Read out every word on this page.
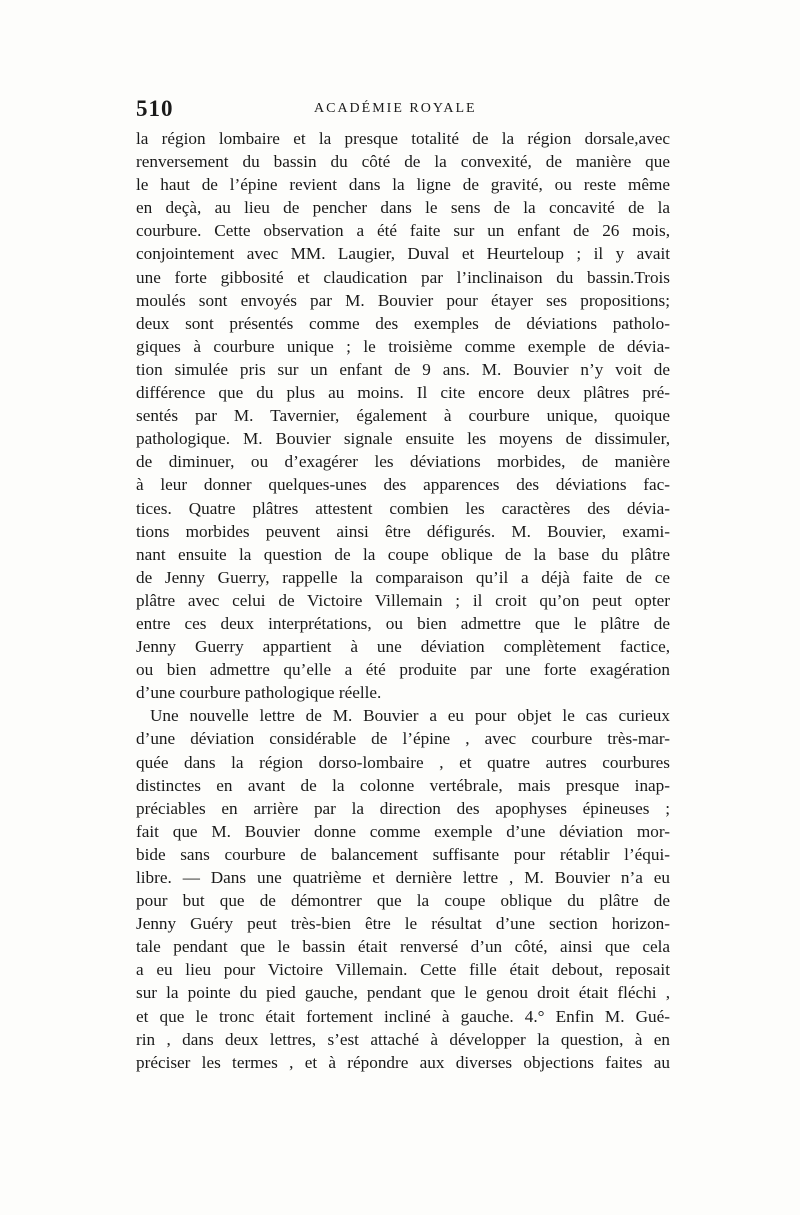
510	ACADÉMIE ROYALE
la région lombaire et la presque totalité de la région dorsale,avec
renversement du bassin du côté de la convexité, de manière que
le haut de l’épine revient dans la ligne de gravité, ou reste même
en deçà, au lieu de pencher dans le sens de la concavité de la
courbure. Cette observation a été faite sur un enfant de 26 mois,
conjointement avec MM. Laugier, Duval et Heurteloup ; il y avait
une forte gibbosité et claudication par l’inclinaison du bassin.Trois
moulés sont envoyés par M. Bouvier pour étayer ses propositions;
deux sont présentés comme des exemples de déviations patholo-
giques à courbure unique ; le troisième comme exemple de dévia-
tion simulée pris sur un enfant de 9 ans. M. Bouvier n’y voit de
différence que du plus au moins. Il cite encore deux plâtres pré-
sentés par M. Tavernier, également à courbure unique, quoique
pathologique. M. Bouvier signale ensuite les moyens de dissimuler,
de diminuer, ou d’exagérer les déviations morbides, de manière
à leur donner quelques-unes des apparences des déviations fac-
tices. Quatre plâtres attestent combien les caractères des dévia-
tions morbides peuvent ainsi être défigurés. M. Bouvier, exami-
nant ensuite la question de la coupe oblique de la base du plâtre
de Jenny Guerry, rappelle la comparaison qu’il a déjà faite de ce
plâtre avec celui de Victoire Villemain ; il croit qu’on peut opter
entre ces deux interprétations, ou bien admettre que le plâtre de
Jenny Guerry appartient à une déviation complètement factice,
ou bien admettre qu’elle a été produite par une forte exagération
d’une courbure pathologique réelle.
Une nouvelle lettre de M. Bouvier a eu pour objet le cas curieux
d’une déviation considérable de l’épine , avec courbure très-mar-
quée dans la région dorso-lombaire , et quatre autres courbures
distinctes en avant de la colonne vertébrale, mais presque inap-
préciables en arrière par la direction des apophyses épineuses ;
fait que M. Bouvier donne comme exemple d’une déviation mor-
bide sans courbure de balancement suffisante pour rétablir l’équi-
libre. — Dans une quatrième et dernière lettre , M. Bouvier n’a eu
pour but que de démontrer que la coupe oblique du plâtre de
Jenny Guéry peut très-bien être le résultat d’une section horizon-
tale pendant que le bassin était renversé d’un côté, ainsi que cela
a eu lieu pour Victoire Villemain. Cette fille était debout, reposait
sur la pointe du pied gauche, pendant que le genou droit était fléchi ,
et que le tronc était fortement incliné à gauche. 4.° Enfin M. Gué-
rin , dans deux lettres, s’est attaché à développer la question, à en
préciser les termes , et à répondre aux diverses objections faites au
